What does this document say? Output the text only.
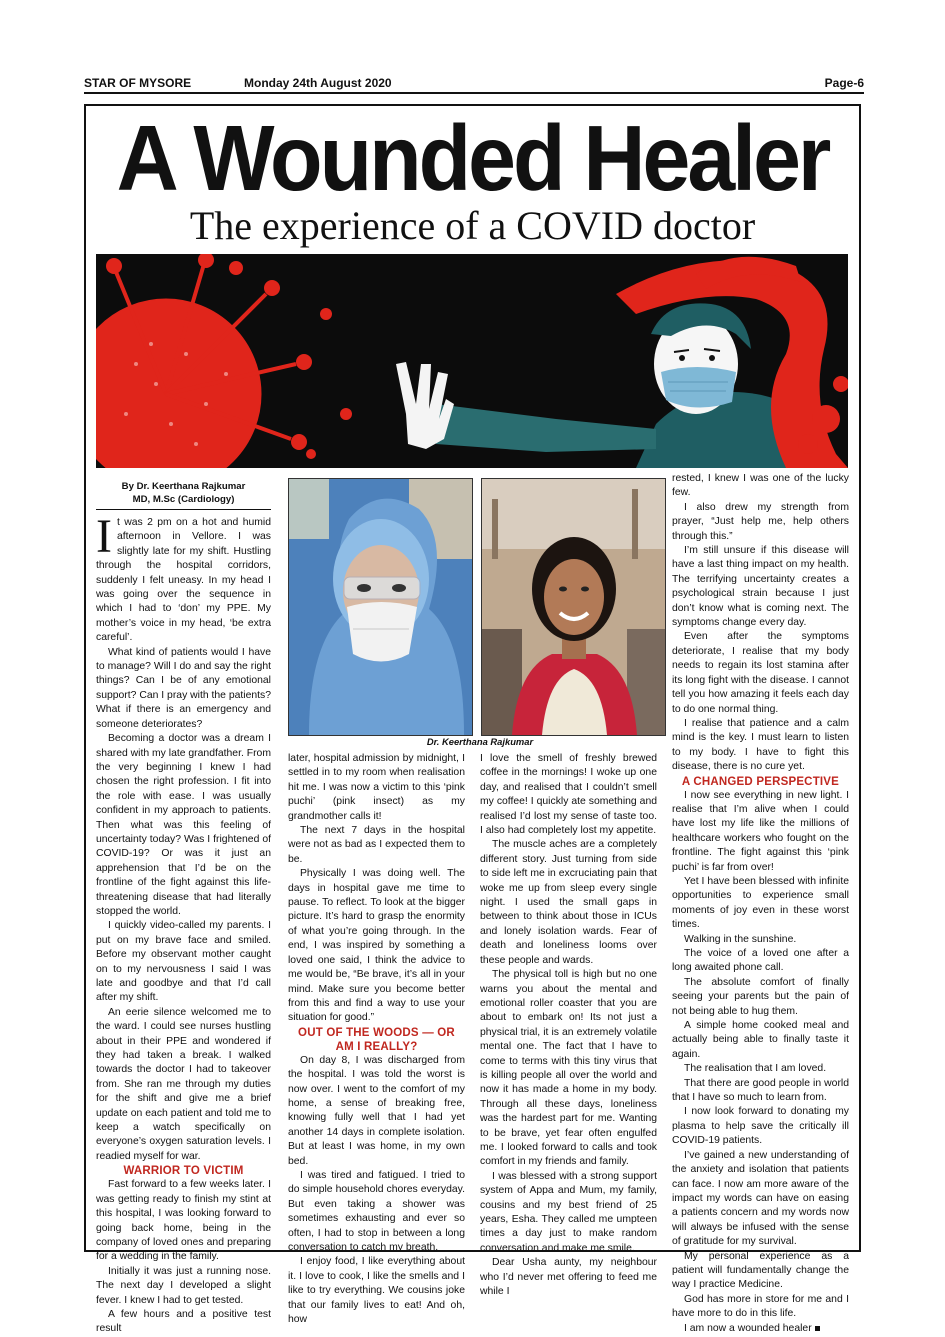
STAR OF MYSORE	Monday 24th August 2020	Page-6
A Wounded Healer
The experience of a COVID doctor
By Dr. Keerthana Rajkumar
MD, M.Sc (Cardiology)

It was 2 pm on a hot and humid afternoon in Vellore. I was slightly late for my shift. Hustling through the hospital corridors, suddenly I felt uneasy. In my head I was going over the sequence in which I had to ‘don’ my PPE. My mother’s voice in my head, ‘be extra careful’.

What kind of patients would I have to manage? Will I do and say the right things? Can I be of any emotional support? Can I pray with the patients? What if there is an emergency and someone deteriorates?

Becoming a doctor was a dream I shared with my late grandfather. From the very beginning I knew I had chosen the right profession. I fit into the role with ease. I was usually confident in my approach to patients. Then what was this feeling of uncertainty today? Was I frightened of COVID-19? Or was it just an apprehension that I’d be on the frontline of the fight against this life-threatening disease that had literally stopped the world.

I quickly video-called my parents. I put on my brave face and smiled. Before my observant mother caught on to my nervousness I said I was late and goodbye and that I’d call after my shift.

An eerie silence welcomed me to the ward. I could see nurses hustling about in their PPE and wondered if they had taken a break. I walked towards the doctor I had to takeover from. She ran me through my duties for the shift and give me a brief update on each patient and told me to keep a watch specifically on everyone’s oxygen saturation levels. I readied myself for war.

WARRIOR TO VICTIM

Fast forward to a few weeks later. I was getting ready to finish my stint at this hospital, I was looking forward to going back home, being in the company of loved ones and preparing for a wedding in the family.

Initially it was just a running nose. The next day I developed a slight fever. I knew I had to get tested.

A few hours and a positive test result

Dr. Keerthana Rajkumar

later, hospital admission by midnight, I settled in to my room when realisation hit me. I was now a victim to this ‘pink puchi’ (pink insect) as my grandmother calls it!

The next 7 days in the hospital were not as bad as I expected them to be.

Physically I was doing well. The days in hospital gave me time to pause. To reflect. To look at the bigger picture. It’s hard to grasp the enormity of what you’re going through. In the end, I was inspired by something a loved one said, I think the advice to me would be, “Be brave, it’s all in your mind. Make sure you become better from this and find a way to use your situation for good.”

OUT OF THE WOODS — OR AM I REALLY?

On day 8, I was discharged from the hospital. I was told the worst is now over. I went to the comfort of my home, a sense of breaking free, knowing fully well that I had yet another 14 days in complete isolation. But at least I was home, in my own bed.

I was tired and fatigued. I tried to do simple household chores everyday. But even taking a shower was sometimes exhausting and ever so often, I had to stop in between a long conversation to catch my breath.

I enjoy food, I like everything about it. I love to cook, I like the smells and I like to try everything. We cousins joke that our family lives to eat! And oh, how

I love the smell of freshly brewed coffee in the mornings! I woke up one day, and realised that I couldn’t smell my coffee! I quickly ate something and realised I’d lost my sense of taste too. I also had completely lost my appetite.

The muscle aches are a completely different story. Just turning from side to side left me in excruciating pain that woke me up from sleep every single night. I used the small gaps in between to think about those in ICUs and lonely isolation wards. Fear of death and loneliness looms over these people and wards.

The physical toll is high but no one warns you about the mental and emotional roller coaster that you are about to embark on! Its not just a physical trial, it is an extremely volatile mental one. The fact that I have to come to terms with this tiny virus that is killing people all over the world and now it has made a home in my body. Through all these days, loneliness was the hardest part for me. Wanting to be brave, yet fear often engulfed me. I looked forward to calls and took comfort in my friends and family.

I was blessed with a strong support system of Appa and Mum, my family, cousins and my best friend of 25 years, Esha. They called me umpteen times a day just to make random conversation and make me smile.

Dear Usha aunty, my neighbour who I’d never met offering to feed me while I

rested, I knew I was one of the lucky few.

I also drew my strength from prayer, “Just help me, help others through this.”

I’m still unsure if this disease will have a last thing impact on my health. The terrifying uncertainty creates a psychological strain because I just don’t know what is coming next. The symptoms change every day.

Even after the symptoms deteriorate, I realise that my body needs to regain its lost stamina after its long fight with the disease. I cannot tell you how amazing it feels each day to do one normal thing.

I realise that patience and a calm mind is the key. I must learn to listen to my body. I have to fight this disease, there is no cure yet.

A CHANGED PERSPECTIVE

I now see everything in new light. I realise that I’m alive when I could have lost my life like the millions of healthcare workers who fought on the frontline. The fight against this ‘pink puchi’ is far from over!

Yet I have been blessed with infinite opportunities to experience small moments of joy even in these worst times.

Walking in the sunshine.

The voice of a loved one after a long awaited phone call.

The absolute comfort of finally seeing your parents but the pain of not being able to hug them.

A simple home cooked meal and actually being able to finally taste it again.

The realisation that I am loved.

That there are good people in world that I have so much to learn from.

I now look forward to donating my plasma to help save the critically ill COVID-19 patients.

I’ve gained a new understanding of the anxiety and isolation that patients can face. I now am more aware of the impact my words can have on easing a patients concern and my words now will always be infused with the sense of gratitude for my survival.

My personal experience as a patient will fundamentally change the way I practice Medicine.

God has more in store for me and I have more to do in this life.

I am now a wounded healer
